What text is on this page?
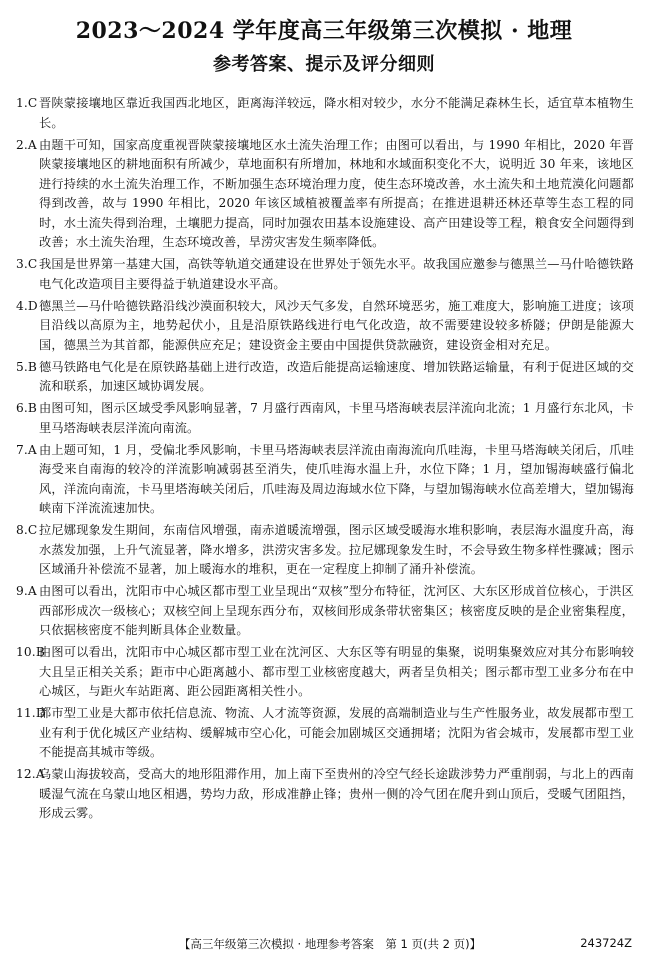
2023～2024 学年度高三年级第三次模拟 · 地理
参考答案、提示及评分细则
1.C 晋陕蒙接壤地区靠近我国西北地区，距离海洋较远，降水相对较少，水分不能满足森林生长，适宜草本植物生长。
2.A 由题干可知，国家高度重视晋陕蒙接壤地区水土流失治理工作；由图可以看出，与 1990 年相比，2020 年晋陕蒙接壤地区的耕地面积有所减少，草地面积有所增加，林地和水域面积变化不大，说明近 30 年来，该地区进行持续的水土流失治理工作，不断加强生态环境治理力度，使生态环境改善，水土流失和土地荒漠化问题都得到改善，故与 1990 年相比，2020 年该区域植被覆盖率有所提高；在推进退耕还林还草等生态工程的同时，水土流失得到治理，土壤肥力提高，同时加强农田基本设施建设、高产田建设等工程，粮食安全问题得到改善；水土流失治理，生态环境改善，旱涝灾害发生频率降低。
3.C 我国是世界第一基建大国，高铁等轨道交通建设在世界处于领先水平。故我国应邀参与德黑兰—马什哈德铁路电气化改造项目主要得益于轨道建设水平高。
4.D 德黑兰—马什哈德铁路沿线沙漠面积较大，风沙天气多发，自然环境恶劣，施工难度大，影响施工进度；该项目沿线以高原为主，地势起伏小，且是沿原铁路线进行电气化改造，故不需要建设较多桥隧；伊朗是能源大国，德黑兰为其首都，能源供应充足；建设资金主要由中国提供贷款融资，建设资金相对充足。
5.B 德马铁路电气化是在原铁路基础上进行改造，改造后能提高运输速度、增加铁路运输量，有利于促进区域的交流和联系，加速区域协调发展。
6.B 由图可知，图示区域受季风影响显著，7 月盛行西南风，卡里马塔海峡表层洋流向北流；1 月盛行东北风，卡里马塔海峡表层洋流向南流。
7.A 由上题可知，1 月，受偏北季风影响，卡里马塔海峡表层洋流由南海流向爪哇海，卡里马塔海峡关闭后，爪哇海受来自南海的较冷的洋流影响减弱甚至消失，使爪哇海水温上升，水位下降；1 月，望加锡海峡盛行偏北风，洋流向南流，卡马里塔海峡关闭后，爪哇海及周边海域水位下降，与望加锡海峡水位高差增大，望加锡海峡南下洋流流速加快。
8.C 拉尼娜现象发生期间，东南信风增强，南赤道暖流增强，图示区域受暖海水堆积影响，表层海水温度升高，海水蒸发加强，上升气流显著，降水增多，洪涝灾害多发。拉尼娜现象发生时，不会导致生物多样性骤减；图示区域涌升补偿流不显著，加上暖海水的堆积，更在一定程度上抑制了涌升补偿流。
9.A 由图可以看出，沈阳市中心城区都市型工业呈现出“双核”型分布特征，沈河区、大东区形成首位核心，于洪区西部形成次一级核心；双核空间上呈现东西分布，双核间形成条带状密集区；核密度反映的是企业密集程度，只依据核密度不能判断具体企业数量。
10.B
由图可以看出，沈阳市中心城区都市型工业在沈河区、大东区等有明显的集聚，说明集聚效应对其分布影响较大且呈正相关关系；距市中心距离越小、都市型工业核密度越大，两者呈负相关；图示都市型工业多分布在中心城区，与距火车站距离、距公园距离相关性小。
11.D
都市型工业是大都市依托信息流、物流、人才流等资源，发展的高端制造业与生产性服务业，故发展都市型工业有利于优化城区产业结构、缓解城市空心化，可能会加剧城区交通拥堵；沈阳为省会城市，发展都市型工业不能提高其城市等级。
12.A
乌蒙山海拔较高，受高大的地形阻滞作用，加上南下至贵州的冷空气经长途跋涉势力严重削弱，与北上的西南暖湿气流在乌蒙山地区相遇，势均力敌，形成准静止锋；贵州一侧的冷气团在爬升到山顶后，受暖气团阻挡，形成云雾。
【高三年级第三次模拟 · 地理参考答案　第 1 页(共 2 页)】	243724Z
